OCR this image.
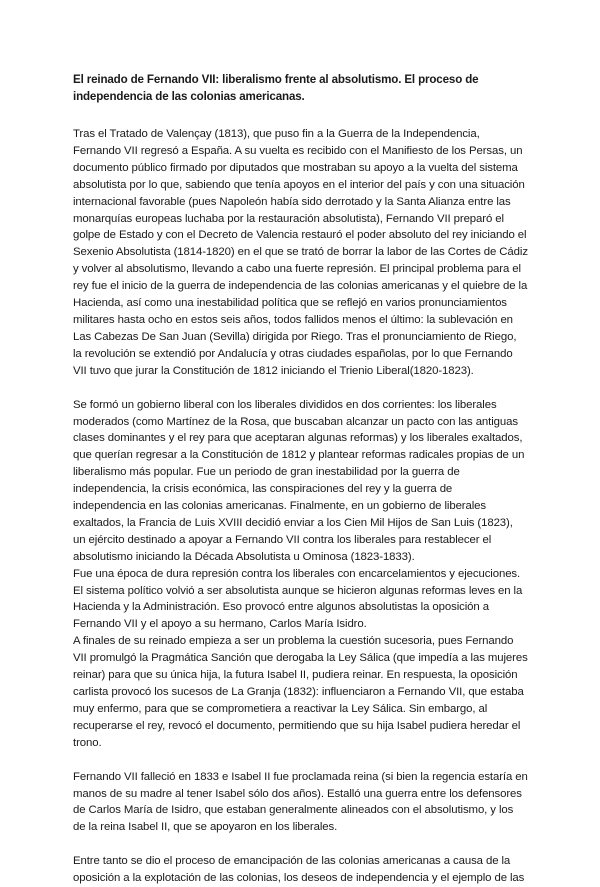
El reinado de Fernando VII: liberalismo frente al absolutismo. El proceso de independencia de las colonias americanas.

Tras el Tratado de Valençay (1813), que puso fin a la Guerra de la Independencia, Fernando VII regresó a España. A su vuelta es recibido con el Manifiesto de los Persas, un documento público firmado por diputados que mostraban su apoyo a la vuelta del sistema absolutista por lo que, sabiendo que tenía apoyos en el interior del país y con una situación internacional favorable (pues Napoleón había sido derrotado y la Santa Alianza entre las monarquías europeas luchaba por la restauración absolutista), Fernando VII preparó el golpe de Estado y con el Decreto de Valencia restauró el poder absoluto del rey iniciando el Sexenio Absolutista (1814-1820) en el que se trató de borrar la labor de las Cortes de Cádiz y volver al absolutismo, llevando a cabo una fuerte represión. El principal problema para el rey fue el inicio de la guerra de independencia de las colonias americanas y el quiebre de la Hacienda, así como una inestabilidad política que se reflejó en varios pronunciamientos militares hasta ocho en estos seis años, todos fallidos menos el último: la sublevación en Las Cabezas De San Juan (Sevilla) dirigida por Riego. Tras el pronunciamiento de Riego, la revolución se extendió por Andalucía y otras ciudades españolas, por lo que Fernando VII tuvo que jurar la Constitución de 1812 iniciando el Trienio Liberal(1820-1823).

Se formó un gobierno liberal con los liberales divididos en dos corrientes: los liberales moderados (como Martínez de la Rosa, que buscaban alcanzar un pacto con las antiguas clases dominantes y el rey para que aceptaran algunas reformas) y los liberales exaltados, que querían regresar a la Constitución de 1812 y plantear reformas radicales propias de un liberalismo más popular. Fue un periodo de gran inestabilidad por la guerra de independencia, la crisis económica, las conspiraciones del rey y la guerra de independencia en las colonias americanas. Finalmente, en un gobierno de liberales exaltados, la Francia de Luis XVIII decidió enviar a los Cien Mil Hijos de San Luis (1823), un ejército destinado a apoyar a Fernando VII contra los liberales para restablecer el absolutismo iniciando la Década Absolutista u Ominosa (1823-1833).

Fue una época de dura represión contra los liberales con encarcelamientos y ejecuciones. El sistema político volvió a ser absolutista aunque se hicieron algunas reformas leves en la Hacienda y la Administración. Eso provocó entre algunos absolutistas la oposición a Fernando VII y el apoyo a su hermano, Carlos María Isidro.

A finales de su reinado empieza a ser un problema la cuestión sucesoria, pues Fernando VII promulgó la Pragmática Sanción que derogaba la Ley Sálica (que impedía a las mujeres reinar) para que su única hija, la futura Isabel II, pudiera reinar. En respuesta, la oposición carlista provocó los sucesos de La Granja (1832): influenciaron a Fernando VII, que estaba muy enfermo, para que se comprometiera a reactivar la Ley Sálica. Sin embargo, al recuperarse el rey, revocó el documento, permitiendo que su hija Isabel pudiera heredar el trono.

Fernando VII falleció en 1833 e Isabel II fue proclamada reina (si bien la regencia estaría en manos de su madre al tener Isabel sólo dos años). Estalló una guerra entre los defensores de Carlos María de Isidro, que estaban generalmente alineados con el absolutismo, y los de la reina Isabel II, que se apoyaron en los liberales.

Entre tanto se dio el proceso de emancipación de las colonias americanas a causa de la oposición a la explotación de las colonias, los deseos de independencia y el ejemplo de las
